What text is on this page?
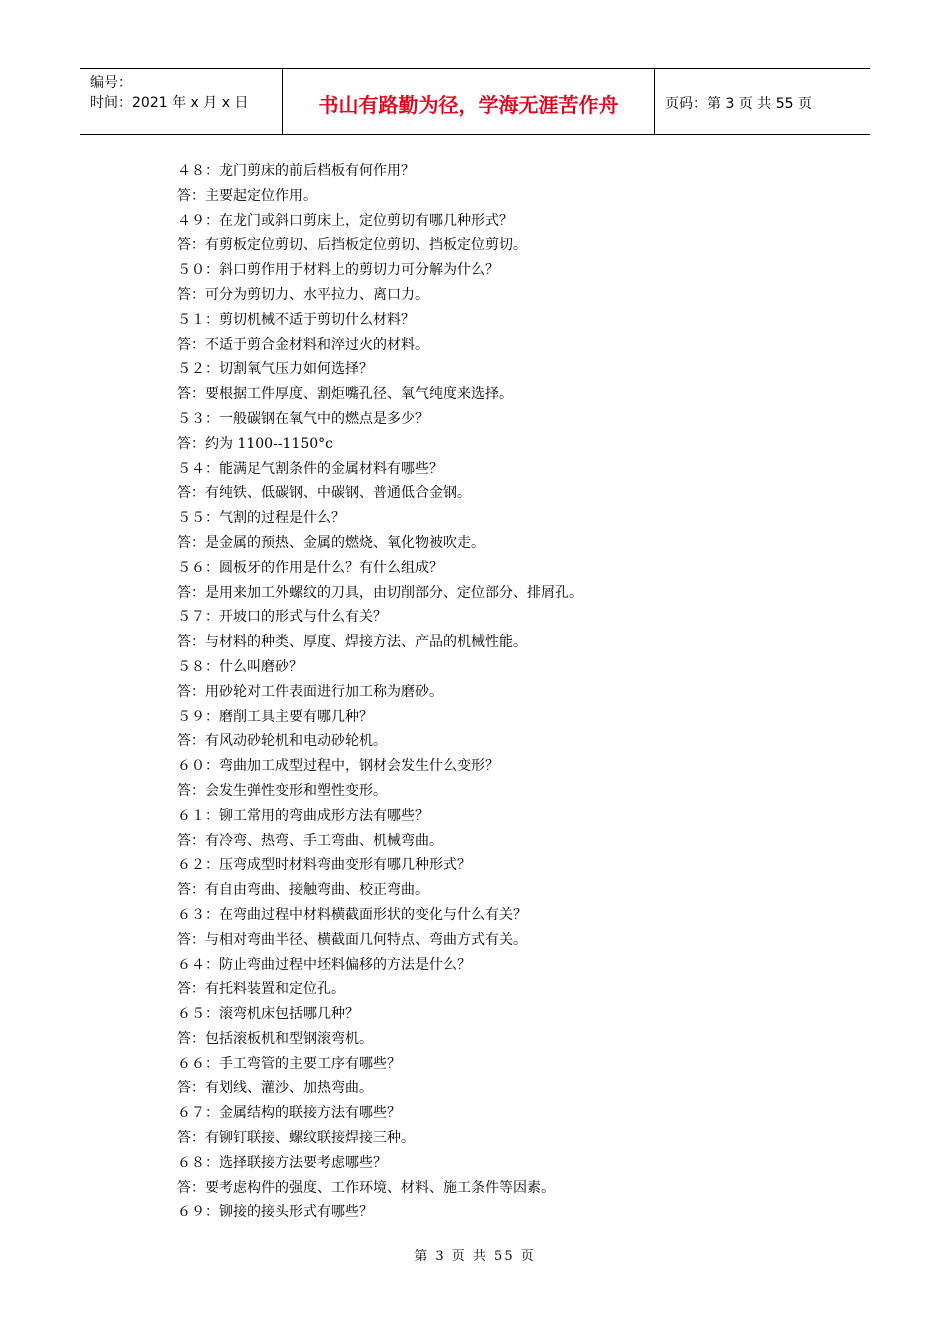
编号：
时间：2021 年 x 月 x 日	书山有路勤为径，学海无涯苦作舟	页码：第 3 页 共 55 页
４８：龙门剪床的前后档板有何作用？
答：主要起定位作用。
４９：在龙门或斜口剪床上，定位剪切有哪几种形式？
答：有剪板定位剪切、后挡板定位剪切、挡板定位剪切。
５０：斜口剪作用于材料上的剪切力可分解为什么？
答：可分为剪切力、水平拉力、离口力。
５１：剪切机械不适于剪切什么材料？
答：不适于剪合金材料和淬过火的材料。
５２：切割氧气压力如何选择？
答：要根据工件厚度、割炬嘴孔径、氧气纯度来选择。
５３：一般碳钢在氧气中的燃点是多少？
答：约为 1100--1150°c
５４：能满足气割条件的金属材料有哪些？
答：有纯铁、低碳钢、中碳钢、普通低合金钢。
５５：气割的过程是什么？
答：是金属的预热、金属的燃烧、氧化物被吹走。
５６：圆板牙的作用是什么？有什么组成？
答：是用来加工外螺纹的刀具，由切削部分、定位部分、排屑孔。
５７：开坡口的形式与什么有关？
答：与材料的种类、厚度、焊接方法、产品的机械性能。
５８：什么叫磨砂？
答：用砂轮对工件表面进行加工称为磨砂。
５９：磨削工具主要有哪几种？
答：有风动砂轮机和电动砂轮机。
６０：弯曲加工成型过程中，钢材会发生什么变形？
答：会发生弹性变形和塑性变形。
６１：铆工常用的弯曲成形方法有哪些？
答：有冷弯、热弯、手工弯曲、机械弯曲。
６２：压弯成型时材料弯曲变形有哪几种形式？
答：有自由弯曲、接触弯曲、校正弯曲。
６３：在弯曲过程中材料横截面形状的变化与什么有关？
答：与相对弯曲半径、横截面几何特点、弯曲方式有关。
６４：防止弯曲过程中坯料偏移的方法是什么？
答：有托料装置和定位孔。
６５：滚弯机床包括哪几种？
答：包括滚板机和型钢滚弯机。
６６：手工弯管的主要工序有哪些？
答：有划线、灌沙、加热弯曲。
６７：金属结构的联接方法有哪些？
答：有铆钉联接、螺纹联接焊接三种。
６８：选择联接方法要考虑哪些？
答：要考虑构件的强度、工作环境、材料、施工条件等因素。
６９：铆接的接头形式有哪些？
第 3 页 共 55 页
